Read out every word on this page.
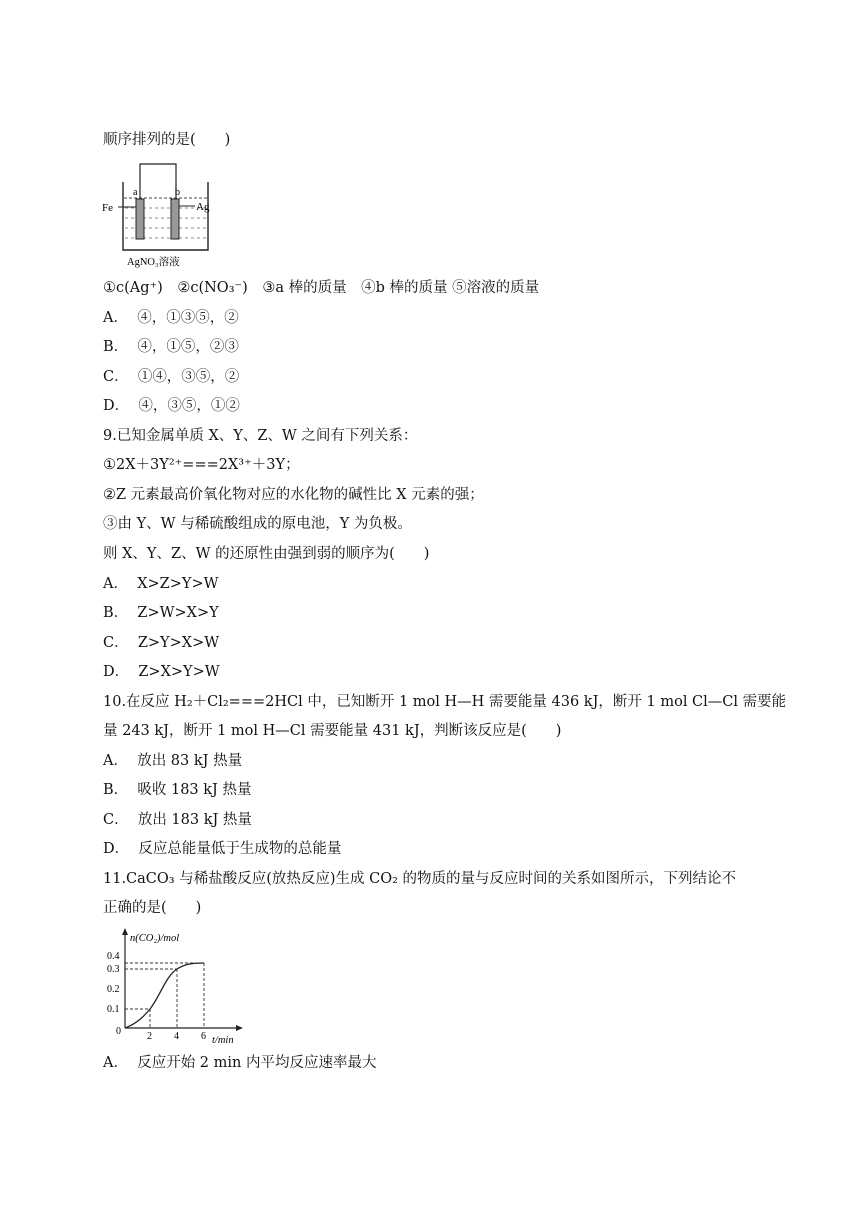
顺序排列的是(　　)
Fe	Ag
a	b
AgNO₃溶液
①c(Ag⁺)　②c(NO₃⁻)　③a 棒的质量　④b 棒的质量 ⑤溶液的质量
A．  ④，①③⑤，②
B．  ④，①⑤，②③
C．  ①④，③⑤，②
D．  ④，③⑤，①②
9.已知金属单质 X、Y、Z、W 之间有下列关系：
①2X＋3Y²⁺===2X³⁺＋3Y；
②Z 元素最高价氧化物对应的水化物的碱性比 X 元素的强；
③由 Y、W 与稀硫酸组成的原电池，Y 为负极。
则 X、Y、Z、W 的还原性由强到弱的顺序为(　　)
A．  X>Z>Y>W
B．  Z>W>X>Y
C．  Z>Y>X>W
D．  Z>X>Y>W
10.在反应 H₂＋Cl₂===2HCl 中，已知断开 1 mol H—H 需要能量 436 kJ，断开 1 mol Cl—Cl 需要能
量 243 kJ，断开 1 mol H—Cl 需要能量 431 kJ，判断该反应是(　　)
A．  放出 83 kJ 热量
B．  吸收 183 kJ 热量
C．  放出 183 kJ 热量
D．  反应总能量低于生成物的总能量
11.CaCO₃ 与稀盐酸反应(放热反应)生成 CO₂ 的物质的量与反应时间的关系如图所示，下列结论不
正确的是(　　)
n(CO₂)/mol
0.4
0.3
0.2
0.1
0	2 4 6 t/min
A．  反应开始 2 min 内平均反应速率最大
